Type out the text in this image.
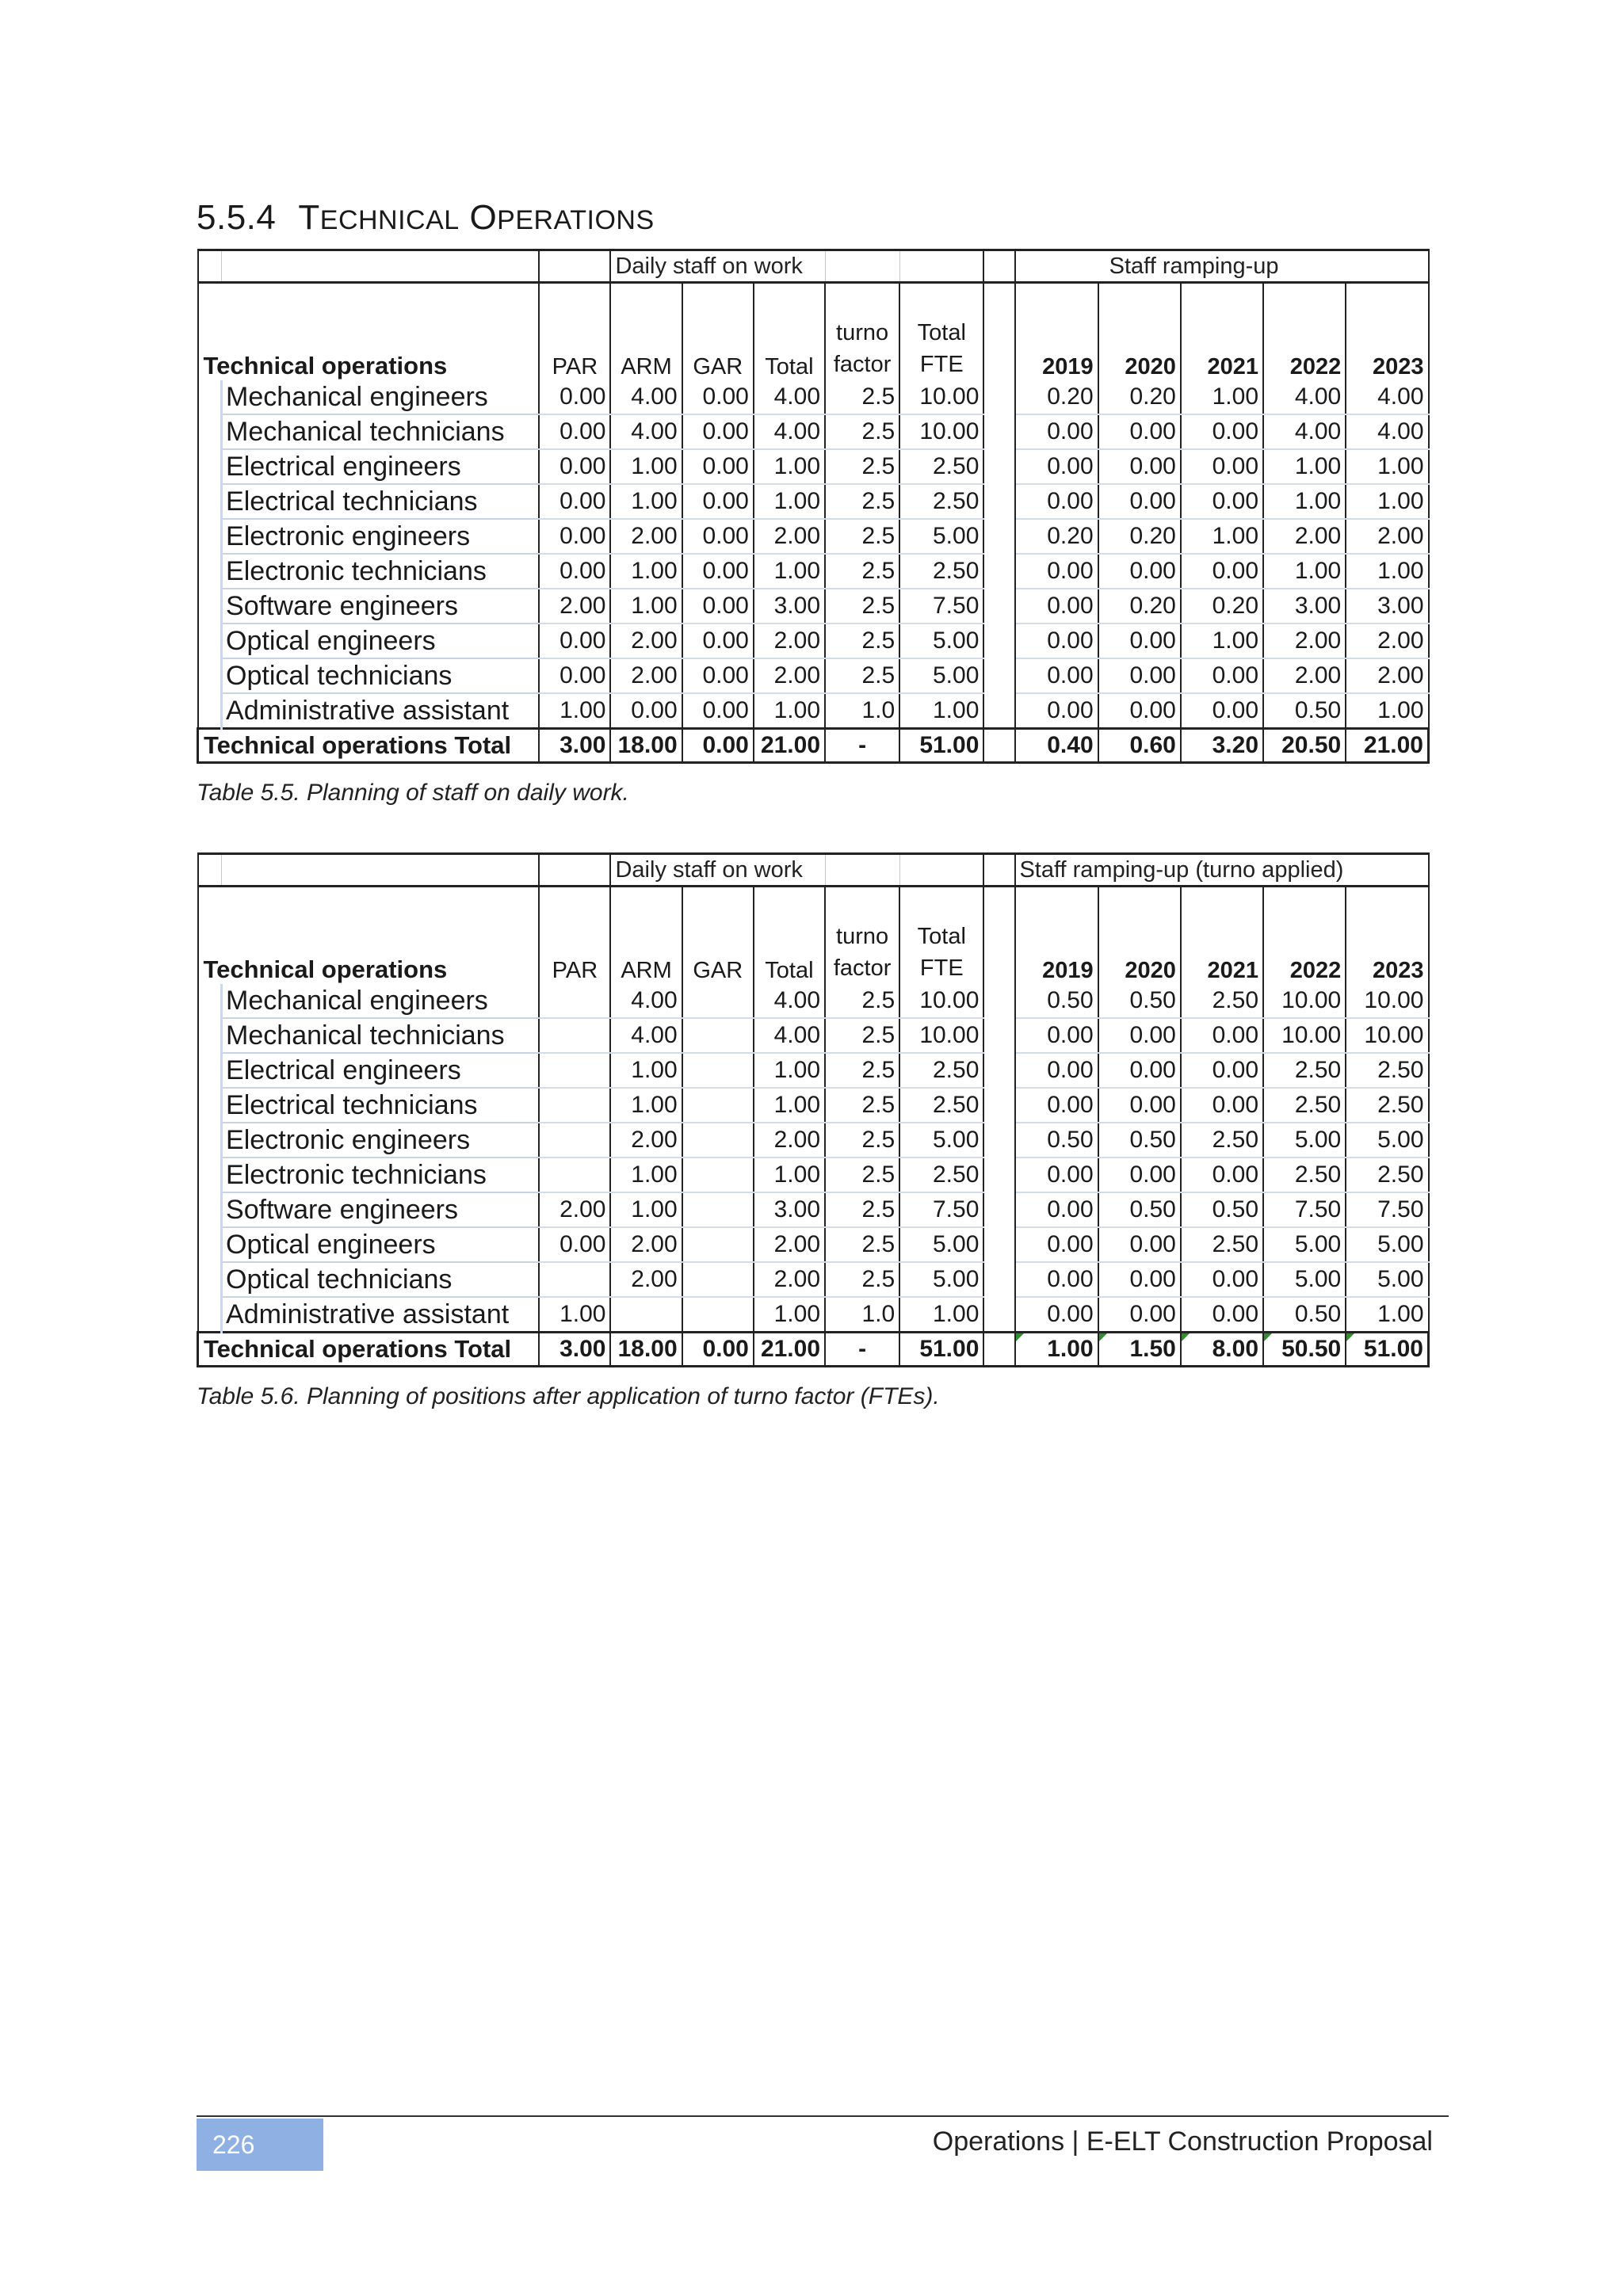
5.5.4 TECHNICAL OPERATIONS
			Daily staff on work							Staff ramping-up			
Technical operations		PAR	ARM	GAR	Total	turno factor	Total FTE		2019	2020	2021	2022	2023
	Mechanical engineers	0.00	4.00	0.00	4.00	2.5	10.00		0.20	0.20	1.00	4.00	4.00
	Mechanical technicians	0.00	4.00	0.00	4.00	2.5	10.00		0.00	0.00	0.00	4.00	4.00
	Electrical engineers	0.00	1.00	0.00	1.00	2.5	2.50		0.00	0.00	0.00	1.00	1.00
	Electrical technicians	0.00	1.00	0.00	1.00	2.5	2.50		0.00	0.00	0.00	1.00	1.00
	Electronic engineers	0.00	2.00	0.00	2.00	2.5	5.00		0.20	0.20	1.00	2.00	2.00
	Electronic technicians	0.00	1.00	0.00	1.00	2.5	2.50		0.00	0.00	0.00	1.00	1.00
	Software engineers	2.00	1.00	0.00	3.00	2.5	7.50		0.00	0.20	0.20	3.00	3.00
	Optical engineers	0.00	2.00	0.00	2.00	2.5	5.00		0.00	0.00	1.00	2.00	2.00
	Optical technicians	0.00	2.00	0.00	2.00	2.5	5.00		0.00	0.00	0.00	2.00	2.00
	Administrative assistant	1.00	0.00	0.00	1.00	1.0	1.00		0.00	0.00	0.00	0.50	1.00
Technical operations Total		3.00	18.00	0.00	21.00	-	51.00		0.40	0.60	3.20	20.50	21.00
Table 5.5. Planning of staff on daily work.
			Daily staff on work						Staff ramping-up (turno applied)				
Technical operations		PAR	ARM	GAR	Total	turno factor	Total FTE		2019	2020	2021	2022	2023
	Mechanical engineers		4.00		4.00	2.5	10.00		0.50	0.50	2.50	10.00	10.00
	Mechanical technicians		4.00		4.00	2.5	10.00		0.00	0.00	0.00	10.00	10.00
	Electrical engineers		1.00		1.00	2.5	2.50		0.00	0.00	0.00	2.50	2.50
	Electrical technicians		1.00		1.00	2.5	2.50		0.00	0.00	0.00	2.50	2.50
	Electronic engineers		2.00		2.00	2.5	5.00		0.50	0.50	2.50	5.00	5.00
	Electronic technicians		1.00		1.00	2.5	2.50		0.00	0.00	0.00	2.50	2.50
	Software engineers	2.00	1.00		3.00	2.5	7.50		0.00	0.50	0.50	7.50	7.50
	Optical engineers	0.00	2.00		2.00	2.5	5.00		0.00	0.00	2.50	5.00	5.00
	Optical technicians		2.00		2.00	2.5	5.00		0.00	0.00	0.00	5.00	5.00
	Administrative assistant	1.00			1.00	1.0	1.00		0.00	0.00	0.00	0.50	1.00
Technical operations Total		3.00	18.00	0.00	21.00	-	51.00		1.00	1.50	8.00	50.50	51.00
Table 5.6. Planning of positions after application of turno factor (FTEs).
226	Operations | E-ELT Construction Proposal
